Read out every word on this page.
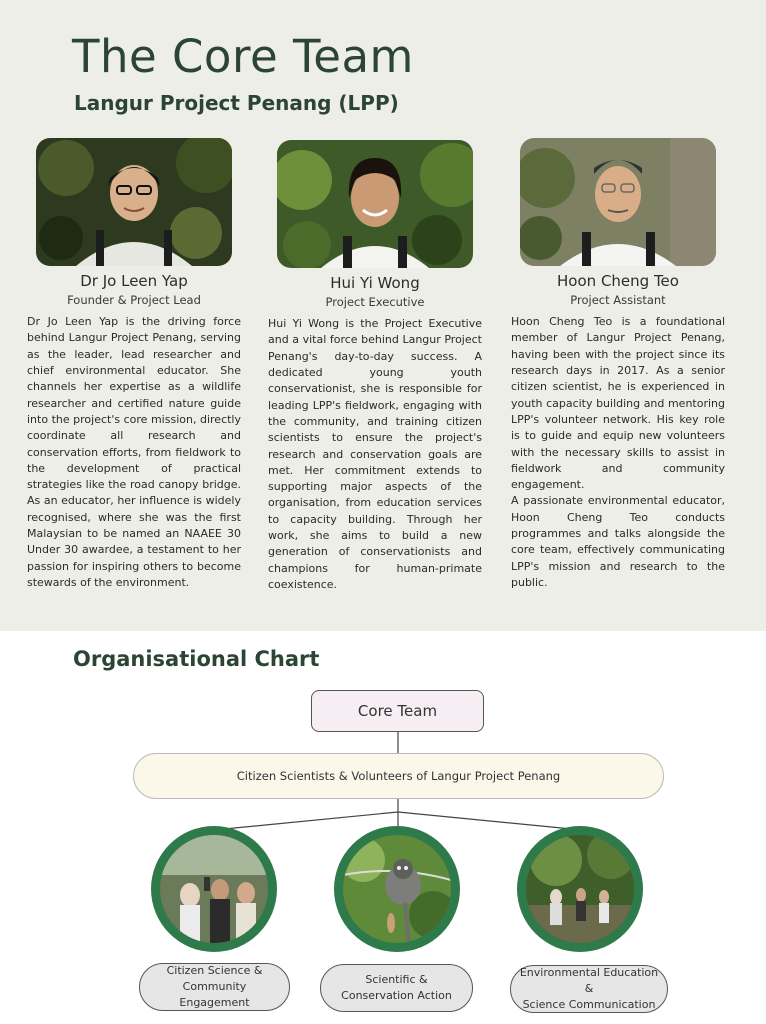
The Core Team
Langur Project Penang (LPP)
Dr Jo Leen Yap
Founder & Project Lead

Dr Jo Leen Yap is the driving force behind Langur Project Penang, serving as the leader, lead researcher and chief environmental educator. She channels her expertise as a wildlife researcher and certified nature guide into the project's core mission, directly coordinate all research and conservation efforts, from fieldwork to the development of practical strategies like the road canopy bridge. As an educator, her influence is widely recognised, where she was the first Malaysian to be named an NAAEE 30 Under 30 awardee, a testament to her passion for inspiring others to become stewards of the environment.

Hui Yi Wong
Project Executive

Hui Yi Wong is the Project Executive and a vital force behind Langur Project Penang's day-to-day success. A dedicated young youth conservationist, she is responsible for leading LPP's fieldwork, engaging with the community, and training citizen scientists to ensure the project's research and conservation goals are met. Her commitment extends to supporting major aspects of the organisation, from education services to capacity building. Through her work, she aims to build a new generation of conservationists and champions for human-primate coexistence.

Hoon Cheng Teo
Project Assistant

Hoon Cheng Teo is a foundational member of Langur Project Penang, having been with the project since its research days in 2017. As a senior citizen scientist, he is experienced in youth capacity building and mentoring LPP's volunteer network. His key role is to guide and equip new volunteers with the necessary skills to assist in fieldwork and community engagement.

A passionate environmental educator, Hoon Cheng Teo conducts programmes and talks alongside the core team, effectively communicating LPP's mission and research to the public.

Organisational Chart
Core Team
Citizen Scientists & Volunteers of Langur Project Penang
Citizen Science &
Community Engagement
Scientific &
Conservation Action
Environmental Education &
Science Communication
